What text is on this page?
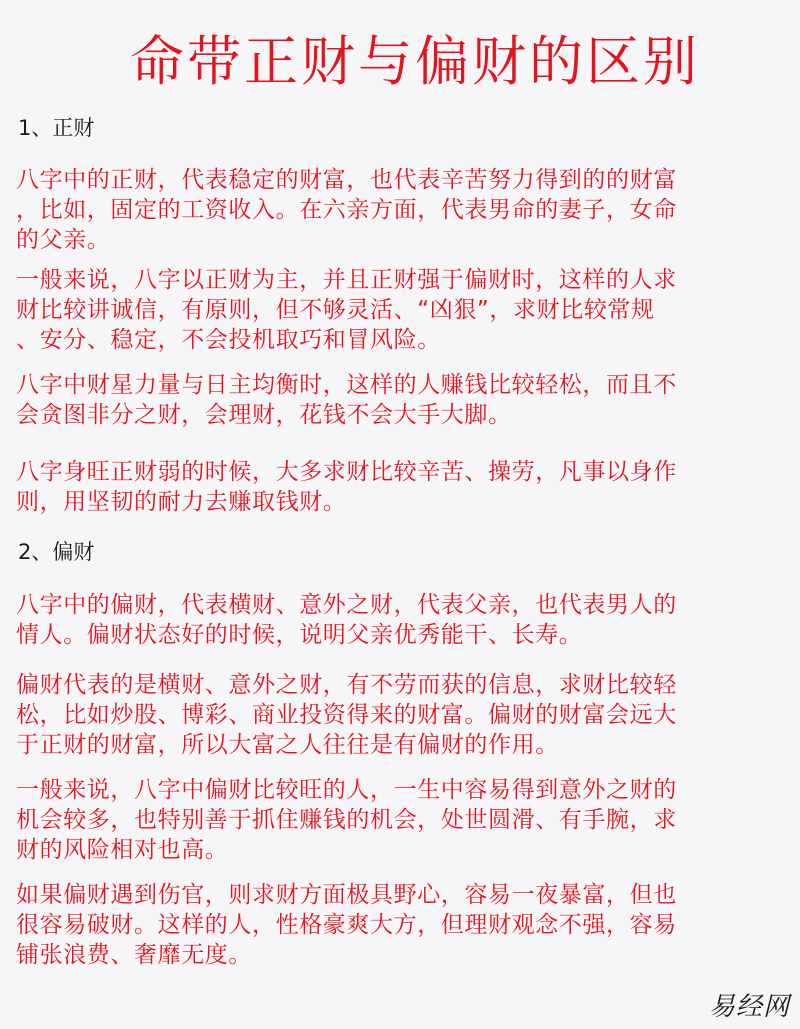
命带正财与偏财的区别
1、正财
八字中的正财，代表稳定的财富，也代表辛苦努力得到的的财富
，比如，固定的工资收入。在六亲方面，代表男命的妻子，女命
的父亲。
一般来说，八字以正财为主，并且正财强于偏财时，这样的人求
财比较讲诚信，有原则，但不够灵活、“凶狠”，求财比较常规
、安分、稳定，不会投机取巧和冒风险。
八字中财星力量与日主均衡时，这样的人赚钱比较轻松，而且不
会贪图非分之财，会理财，花钱不会大手大脚。
八字身旺正财弱的时候，大多求财比较辛苦、操劳，凡事以身作
则，用坚韧的耐力去赚取钱财。
2、偏财
八字中的偏财，代表横财、意外之财，代表父亲，也代表男人的
情人。偏财状态好的时候，说明父亲优秀能干、长寿。
偏财代表的是横财、意外之财，有不劳而获的信息，求财比较轻
松，比如炒股、博彩、商业投资得来的财富。偏财的财富会远大
于正财的财富，所以大富之人往往是有偏财的作用。
一般来说，八字中偏财比较旺的人，一生中容易得到意外之财的
机会较多，也特别善于抓住赚钱的机会，处世圆滑、有手腕，求
财的风险相对也高。
如果偏财遇到伤官，则求财方面极具野心，容易一夜暴富，但也
很容易破财。这样的人，性格豪爽大方，但理财观念不强，容易
铺张浪费、奢靡无度。
易经网
